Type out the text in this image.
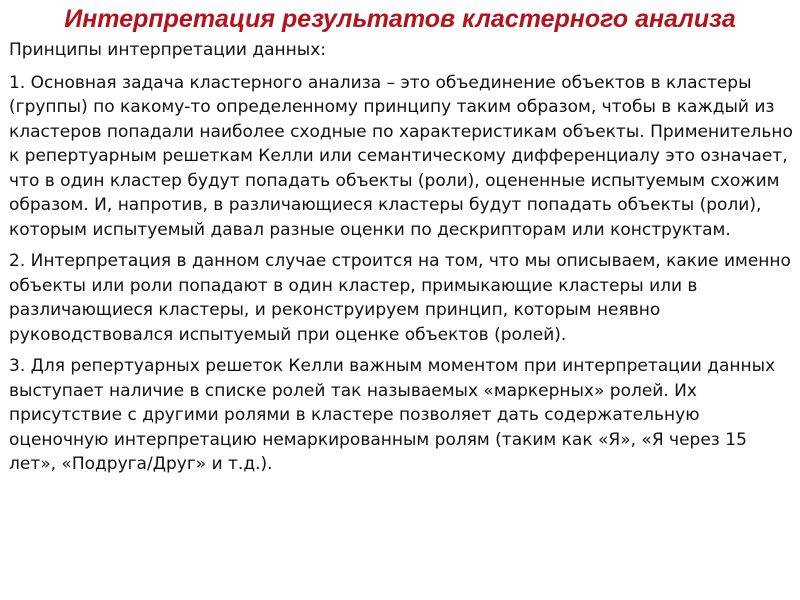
Интерпретация результатов кластерного анализа

Принципы интерпретации данных:

1. Основная задача кластерного анализа – это объединение объектов в кластеры (группы) по какому-то определенному принципу таким образом, чтобы в каждый из кластеров попадали наиболее сходные по характеристикам объекты. Применительно к репертуарным решеткам Келли или семантическому дифференциалу это означает, что в один кластер будут попадать объекты (роли), оцененные испытуемым схожим образом. И, напротив, в различающиеся кластеры будут попадать объекты (роли), которым испытуемый давал разные оценки по дескрипторам или конструктам.

2. Интерпретация в данном случае строится на том, что мы описываем, какие именно объекты или роли попадают в один кластер, примыкающие кластеры или в различающиеся кластеры, и реконструируем принцип, которым неявно руководствовался испытуемый при оценке объектов (ролей).

3. Для репертуарных решеток Келли важным моментом при интерпретации данных выступает наличие в списке ролей так называемых «маркерных» ролей. Их присутствие с другими ролями в кластере позволяет дать содержательную оценочную интерпретацию немаркированным ролям (таким как «Я», «Я через 15 лет», «Подруга/Друг» и т.д.).
